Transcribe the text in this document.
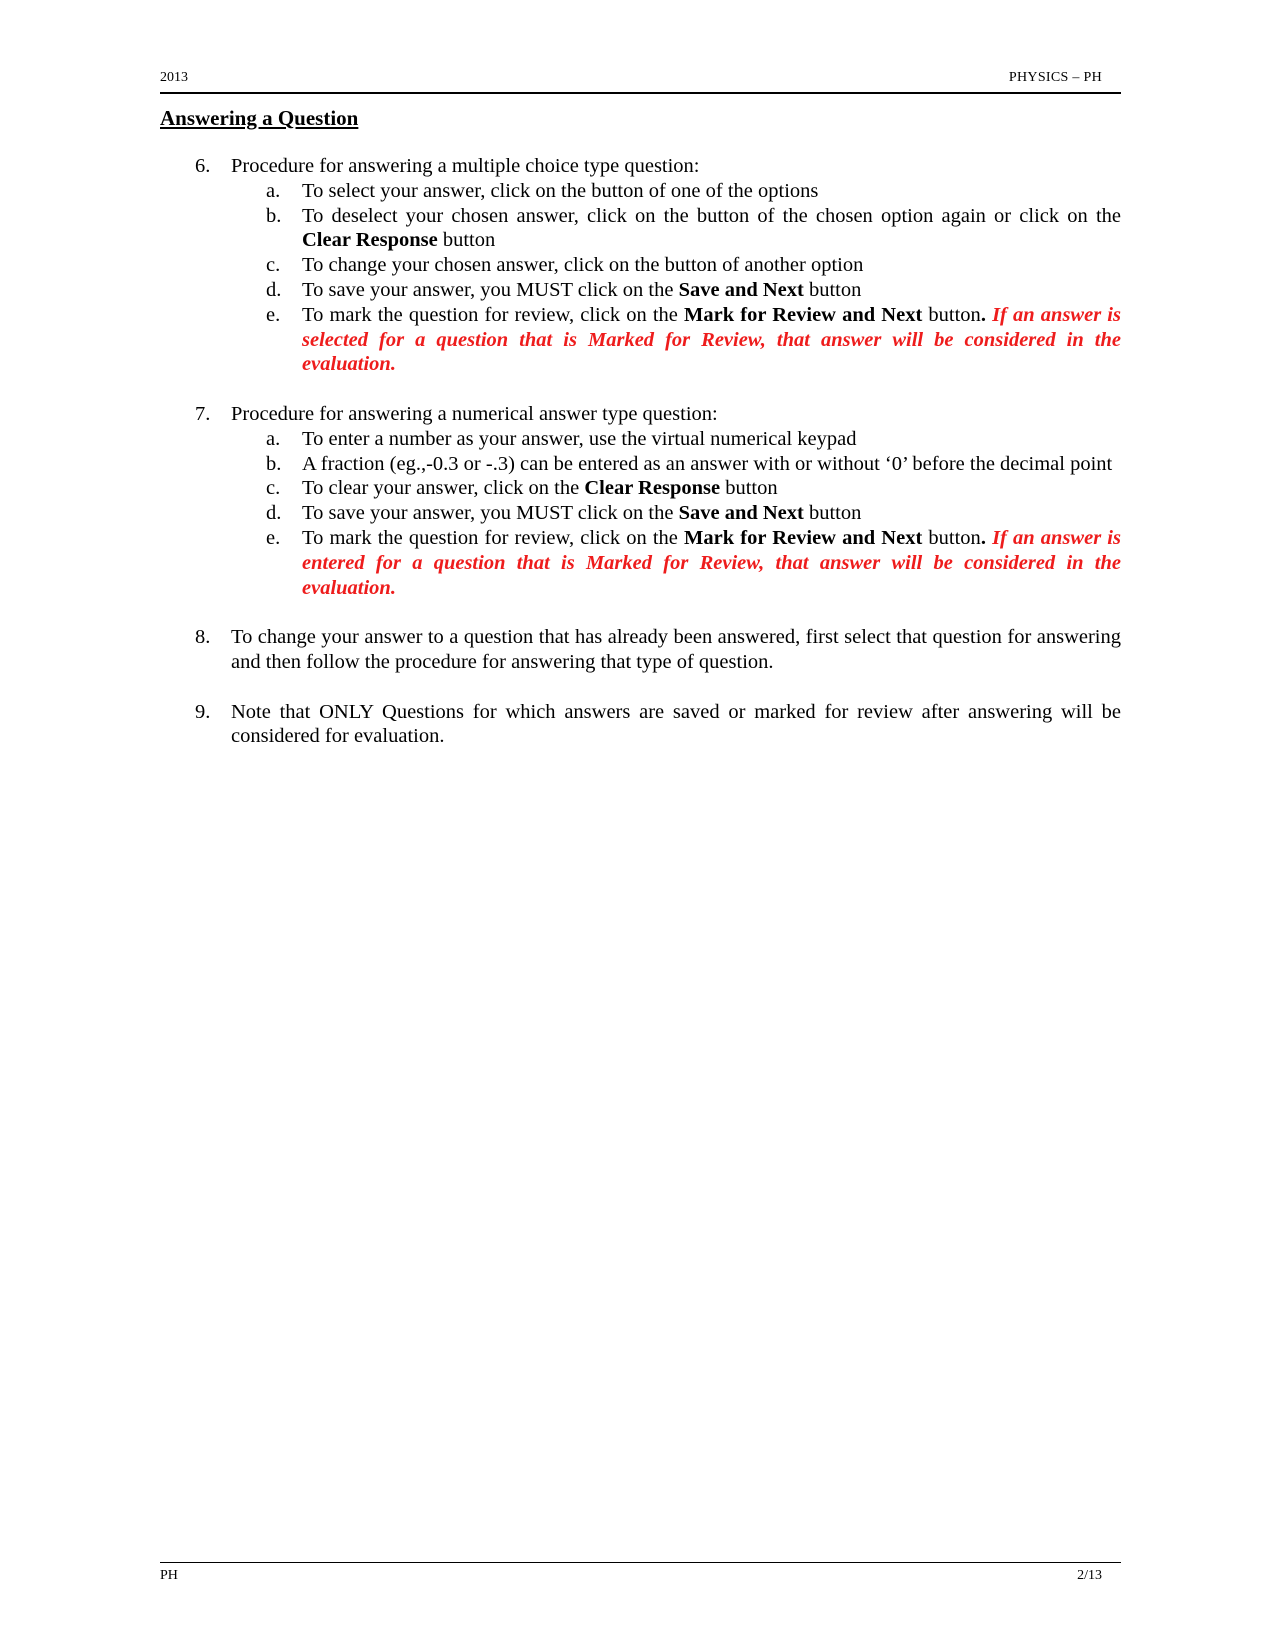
2013	PHYSICS – PH
Answering a Question
6. Procedure for answering a multiple choice type question:
a. To select your answer, click on the button of one of the options
b. To deselect your chosen answer, click on the button of the chosen option again or click on the Clear Response button
c. To change your chosen answer, click on the button of another option
d. To save your answer, you MUST click on the Save and Next button
e. To mark the question for review, click on the Mark for Review and Next button. If an answer is selected for a question that is Marked for Review, that answer will be considered in the evaluation.
7. Procedure for answering a numerical answer type question:
a. To enter a number as your answer, use the virtual numerical keypad
b. A fraction (eg.,-0.3 or -.3) can be entered as an answer with or without ‘0’ before the decimal point
c. To clear your answer, click on the Clear Response button
d. To save your answer, you MUST click on the Save and Next button
e. To mark the question for review, click on the Mark for Review and Next button. If an answer is entered for a question that is Marked for Review, that answer will be considered in the evaluation.
8. To change your answer to a question that has already been answered, first select that question for answering and then follow the procedure for answering that type of question.
9. Note that ONLY Questions for which answers are saved or marked for review after answering will be considered for evaluation.
PH	2/13
